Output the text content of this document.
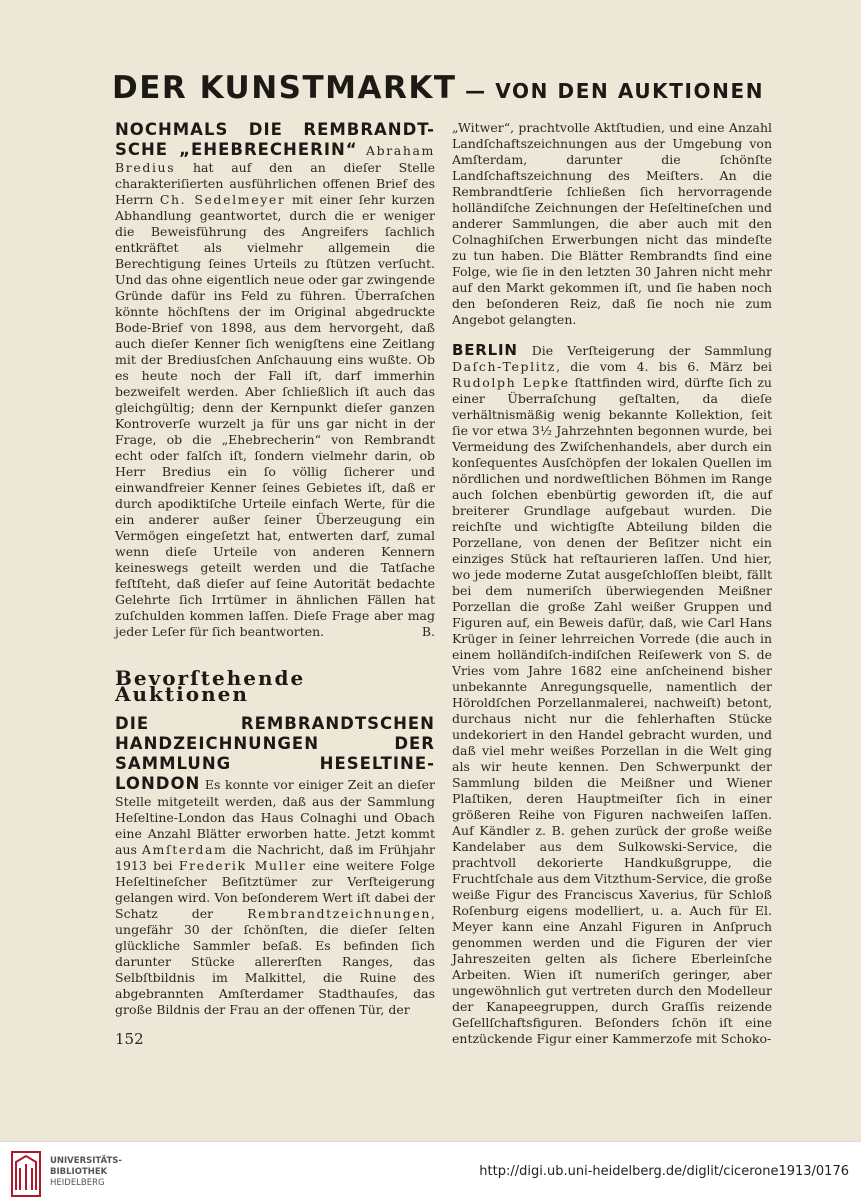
DER KUNSTMARKT — VON DEN AUKTIONEN

NOCHMALS DIE REMBRANDT-SCHE „EHEBRECHERIN“ Abraham Bredius hat auf den an dieſer Stelle charakteriſierten ausführlichen offenen Brief des Herrn Ch. Sedelmeyer mit einer ſehr kurzen Abhandlung geantwortet, durch die er weniger die Beweisführung des Angreifers ſachlich entkräftet als vielmehr allgemein die Berechtigung ſeines Urteils zu ſtützen verſucht. Und das ohne eigentlich neue oder gar zwingende Gründe dafür ins Feld zu führen. Überraſchen könnte höchſtens der im Original abgedruckte Bode-Brief von 1898, aus dem hervorgeht, daß auch dieſer Kenner ſich wenigſtens eine Zeitlang mit der Brediusſchen Anſchauung eins wußte. Ob es heute noch der Fall iſt, darf immerhin bezweifelt werden. Aber ſchließlich iſt auch das gleichgültig; denn der Kernpunkt dieſer ganzen Kontroverſe wurzelt ja für uns gar nicht in der Frage, ob die „Ehebrecherin“ von Rembrandt echt oder falſch iſt, ſondern vielmehr darin, ob Herr Bredius ein ſo völlig ſicherer und einwandfreier Kenner ſeines Gebietes iſt, daß er durch apodiktiſche Urteile einfach Werte, für die ein anderer außer ſeiner Überzeugung ein Vermögen eingeſetzt hat, entwerten darf, zumal wenn dieſe Urteile von anderen Kennern keineswegs geteilt werden und die Tatſache feſtſteht, daß dieſer auf ſeine Autorität bedachte Gelehrte ſich Irrtümer in ähnlichen Fällen hat zuſchulden kommen laſſen. Dieſe Frage aber mag jeder Leſer für ſich beantworten.	B.

Bevorſtehende Auktionen

DIE REMBRANDTSCHEN HANDZEICHNUNGEN DER SAMMLUNG HESELTINE-LONDON Es konnte vor einiger Zeit an dieſer Stelle mitgeteilt werden, daß aus der Sammlung Heſeltine-London das Haus Colnaghi und Obach eine Anzahl Blätter erworben hatte. Jetzt kommt aus Amſterdam die Nachricht, daß im Frühjahr 1913 bei Frederik Muller eine weitere Folge Heſeltineſcher Beſitztümer zur Verſteigerung gelangen wird. Von beſonderem Wert iſt dabei der Schatz der	Rembrandtzeichnungen, ungefähr 30 der ſchönſten, die dieſer ſelten glückliche Sammler beſaß. Es befinden ſich darunter Stücke allererſten Ranges, das Selbſtbildnis im Malkittel, die Ruine des abgebrannten Amſterdamer Stadthauſes, das große Bildnis der Frau an der offenen Tür, der

„Witwer“, prachtvolle Aktſtudien, und eine Anzahl Landſchaftszeichnungen aus der Umgebung von Amſterdam, darunter die ſchönſte Landſchaftszeichnung des Meiſters. An die Rembrandtſerie ſchließen ſich hervorragende holländiſche Zeichnungen der Heſeltineſchen und anderer Sammlungen, die aber auch mit den Colnaghiſchen Erwerbungen nicht das mindeſte zu tun haben. Die Blätter Rembrandts ſind eine Folge, wie ſie in den letzten 30 Jahren nicht mehr auf den Markt gekommen iſt, und ſie haben noch den beſonderen Reiz, daß ſie noch nie zum Angebot gelangten.

BERLIN Die Verſteigerung der Sammlung Daſch-Teplitz, die vom 4. bis 6. März bei Rudolph Lepke ſtattfinden wird, dürfte ſich zu einer Überraſchung geſtalten, da dieſe verhältnismäßig wenig bekannte Kollektion, ſeit ſie vor etwa 3½ Jahrzehnten begonnen wurde, bei Vermeidung des Zwiſchenhandels, aber durch ein konſequentes Ausſchöpfen der lokalen Quellen im nördlichen und nordweſtlichen Böhmen im Range auch ſolchen ebenbürtig geworden iſt, die auf breiterer Grundlage aufgebaut wurden. Die reichſte und wichtigſte Abteilung bilden die Porzellane, von denen der Beſitzer nicht ein einziges Stück hat reſtaurieren laſſen. Und hier, wo jede moderne Zutat ausgeſchloſſen bleibt, fällt bei dem numeriſch überwiegenden Meißner Porzellan die große Zahl weißer Gruppen und Figuren auf, ein Beweis dafür, daß, wie Carl Hans Krüger in ſeiner lehrreichen Vorrede (die auch in einem holländiſch-indiſchen Reiſewerk von S. de Vries vom Jahre 1682 eine anſcheinend bisher unbekannte Anregungsquelle, namentlich der Höroldſchen Porzellanmalerei, nachweiſt) betont, durchaus nicht nur die fehlerhaften Stücke undekoriert in den Handel gebracht wurden, und daß viel mehr weißes Porzellan in die Welt ging als wir heute kennen. Den Schwerpunkt der Sammlung bilden die Meißner und Wiener Plaſtiken, deren Hauptmeiſter ſich in einer größeren Reihe von Figuren nachweiſen laſſen. Auf Kändler z. B. gehen zurück der große weiße Kandelaber aus dem Sulkowski-Service, die prachtvoll dekorierte Handkußgruppe, die Fruchtſchale aus dem Vitzthum-Service, die große weiße Figur des Franciscus Xaverius, für Schloß Roſenburg eigens modelliert, u. a. Auch für El. Meyer kann eine Anzahl Figuren in Anſpruch genommen werden und die Figuren der vier Jahreszeiten gelten als ſichere Eberleinſche Arbeiten. Wien iſt numeriſch geringer, aber ungewöhnlich gut vertreten durch den Modelleur der Kanapeegruppen, durch Graſſis reizende Geſellſchaftsfiguren. Beſonders ſchön iſt eine entzückende Figur einer Kammerzofe mit Schoko-

152
UNIVERSITÄTS-
BIBLIOTHEK
HEIDELBERG
http://digi.ub.uni-heidelberg.de/diglit/cicerone1913/0176
